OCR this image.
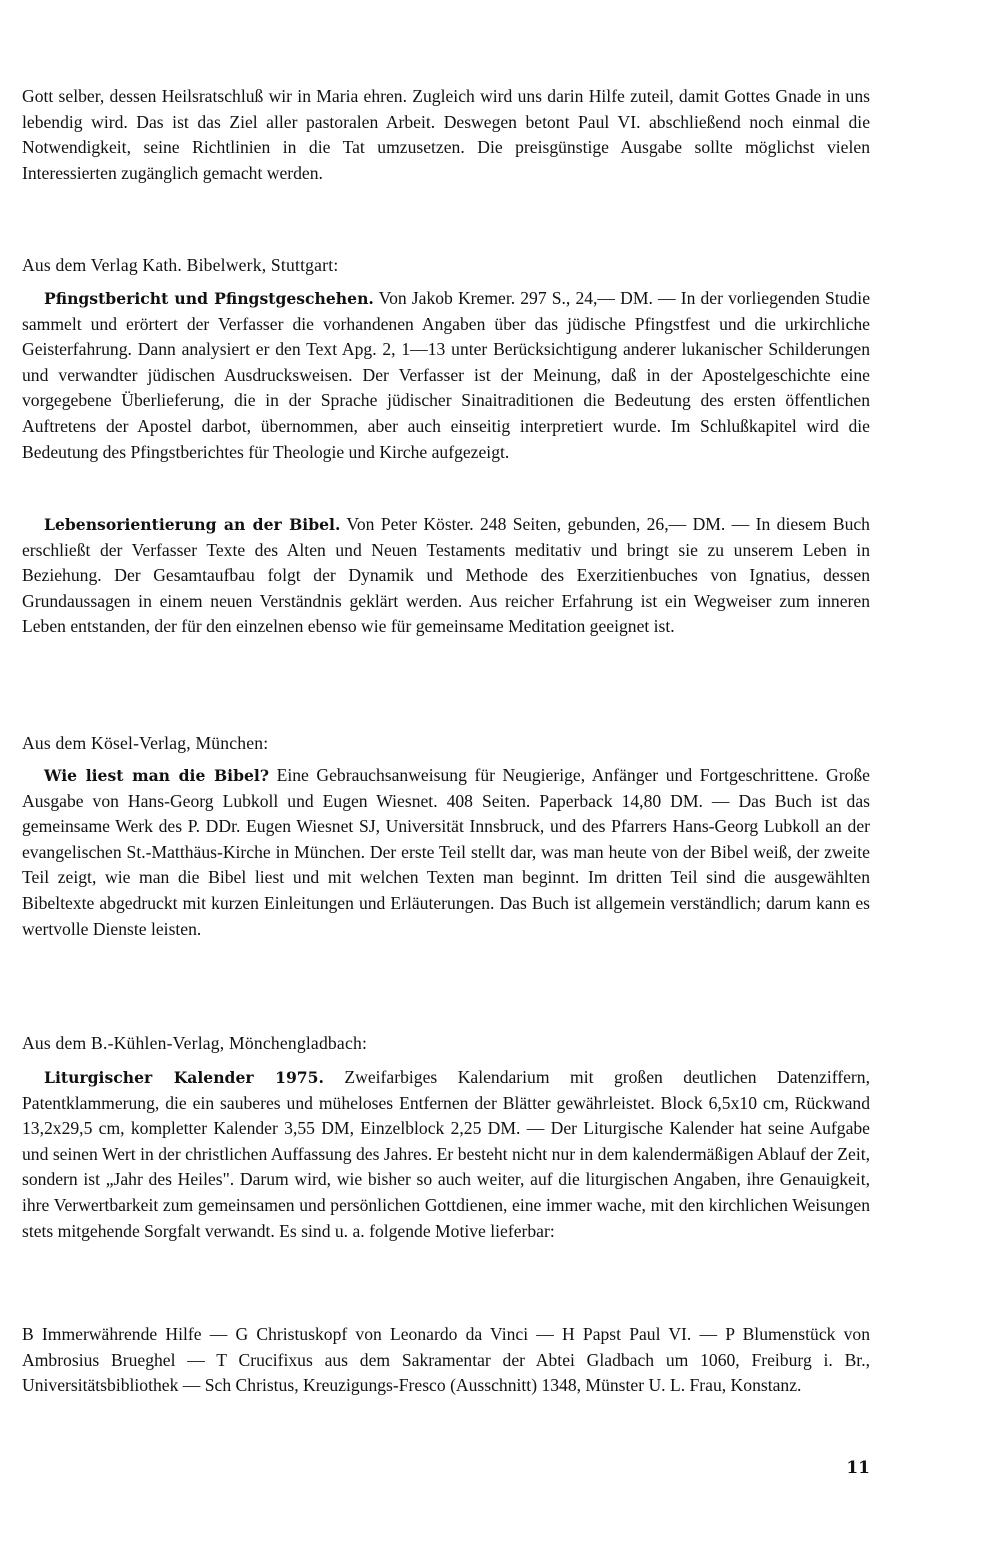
Gott selber, dessen Heilsratschluß wir in Maria ehren. Zugleich wird uns darin Hilfe zuteil, damit Gottes Gnade in uns lebendig wird. Das ist das Ziel aller pastoralen Arbeit. Deswegen betont Paul VI. abschließend noch einmal die Notwendigkeit, seine Richtlinien in die Tat umzusetzen. Die preisgünstige Ausgabe sollte möglichst vielen Interessierten zugänglich gemacht werden.

Aus dem Verlag Kath. Bibelwerk, Stuttgart:

Pfingstbericht und Pfingstgeschehen. Von Jakob Kremer. 297 S., 24,— DM. — In der vorliegenden Studie sammelt und erörtert der Verfasser die vorhandenen Angaben über das jüdische Pfingstfest und die urkirchliche Geisterfahrung. Dann analysiert er den Text Apg. 2, 1—13 unter Berücksichtigung anderer lukanischer Schilderungen und verwandter jüdischen Ausdrucksweisen. Der Verfasser ist der Meinung, daß in der Apostelgeschichte eine vorgegebene Überlieferung, die in der Sprache jüdischer Sinaitraditionen die Bedeutung des ersten öffentlichen Auftretens der Apostel darbot, übernommen, aber auch einseitig interpretiert wurde. Im Schlußkapitel wird die Bedeutung des Pfingstberichtes für Theologie und Kirche aufgezeigt.

Lebensorientierung an der Bibel. Von Peter Köster. 248 Seiten, gebunden, 26,— DM. — In diesem Buch erschließt der Verfasser Texte des Alten und Neuen Testaments meditativ und bringt sie zu unserem Leben in Beziehung. Der Gesamtaufbau folgt der Dynamik und Methode des Exerzitienbuches von Ignatius, dessen Grundaussagen in einem neuen Verständnis geklärt werden. Aus reicher Erfahrung ist ein Wegweiser zum inneren Leben entstanden, der für den einzelnen ebenso wie für gemeinsame Meditation geeignet ist.

Aus dem Kösel-Verlag, München:

Wie liest man die Bibel? Eine Gebrauchsanweisung für Neugierige, Anfänger und Fortgeschrittene. Große Ausgabe von Hans-Georg Lubkoll und Eugen Wiesnet. 408 Seiten. Paperback 14,80 DM. — Das Buch ist das gemeinsame Werk des P. DDr. Eugen Wiesnet SJ, Universität Innsbruck, und des Pfarrers Hans-Georg Lubkoll an der evangelischen St.-Matthäus-Kirche in München. Der erste Teil stellt dar, was man heute von der Bibel weiß, der zweite Teil zeigt, wie man die Bibel liest und mit welchen Texten man beginnt. Im dritten Teil sind die ausgewählten Bibeltexte abgedruckt mit kurzen Einleitungen und Erläuterungen. Das Buch ist allgemein verständlich; darum kann es wertvolle Dienste leisten.

Aus dem B.-Kühlen-Verlag, Mönchengladbach:

Liturgischer Kalender 1975. Zweifarbiges Kalendarium mit großen deutlichen Datenziffern, Patentklammerung, die ein sauberes und müheloses Entfernen der Blätter gewährleistet. Block 6,5x10 cm, Rückwand 13,2x29,5 cm, kompletter Kalender 3,55 DM, Einzelblock 2,25 DM. — Der Liturgische Kalender hat seine Aufgabe und seinen Wert in der christlichen Auffassung des Jahres. Er besteht nicht nur in dem kalendermäßigen Ablauf der Zeit, sondern ist „Jahr des Heiles". Darum wird, wie bisher so auch weiter, auf die liturgischen Angaben, ihre Genauigkeit, ihre Verwertbarkeit zum gemeinsamen und persönlichen Gottdienen, eine immer wache, mit den kirchlichen Weisungen stets mitgehende Sorgfalt verwandt. Es sind u. a. folgende Motive lieferbar:

B Immerwährende Hilfe — G Christuskopf von Leonardo da Vinci — H Papst Paul VI. — P Blumenstück von Ambrosius Brueghel — T Crucifixus aus dem Sakramentar der Abtei Gladbach um 1060, Freiburg i. Br., Universitätsbibliothek — Sch Christus, Kreuzigungs-Fresco (Ausschnitt) 1348, Münster U. L. Frau, Konstanz.

11
